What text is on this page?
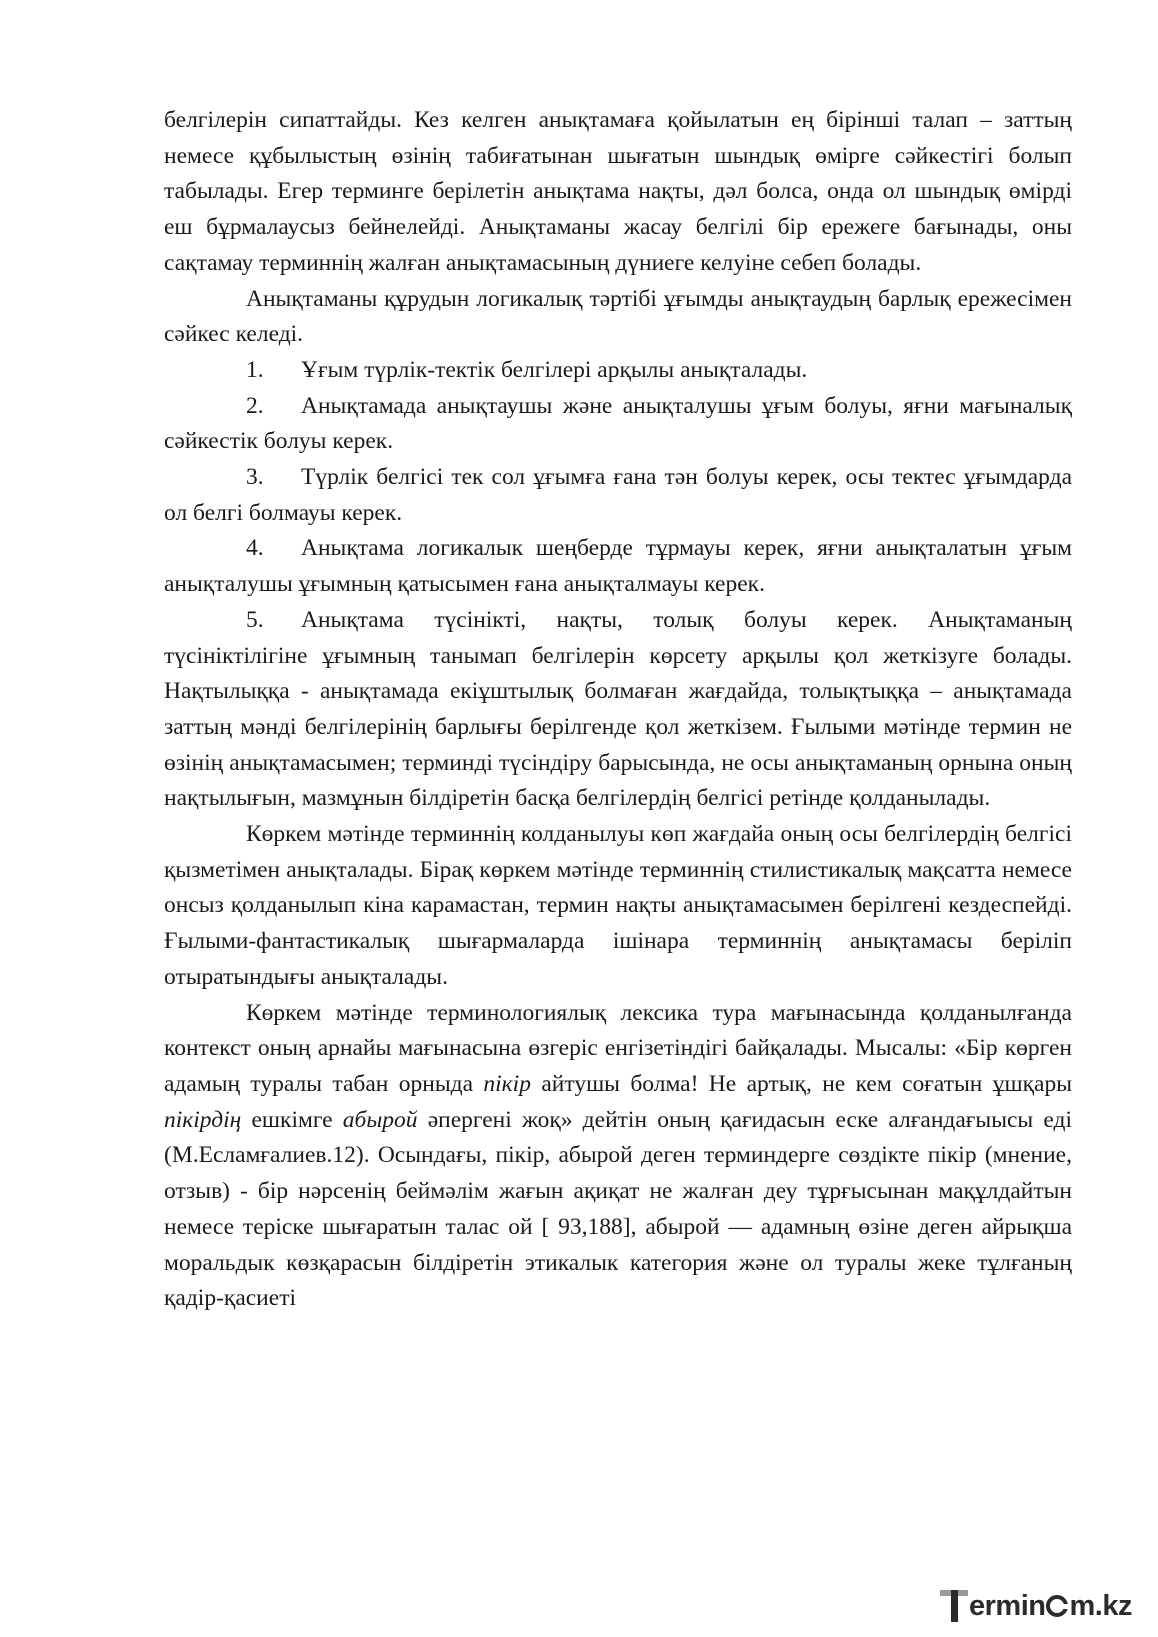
белгілерін сипаттайды. Кез келген анықтамаға қойылатын ең бірінші талап – заттың немесе құбылыстың өзінің табиғатынан шығатын шындық өмірге сәйкестігі болып табылады. Егер терминге берілетін анықтама нақты, дәл болса, онда ол шындық өмірді еш бұрмалаусыз бейнелейді. Анықтаманы жасау белгілі бір ережеге бағынады, оны сақтамау терминнің жалған анықтамасының дүниеге келуіне себеп болады.

Анықтаманы құрудын логикалық тәртібі ұғымды анықтаудың барлық ережесімен сәйкес келеді.

1. Ұғым түрлік-тектік белгілері арқылы анықталады.

2. Анықтамада анықтаушы және анықталушы ұғым болуы, яғни мағыналық сәйкестік болуы керек.

3. Түрлік белгісі тек сол ұғымға ғана тән болуы керек, осы тектес ұғымдарда ол белгі болмауы керек.

4. Анықтама логикалык шеңберде тұрмауы керек, яғни анықталатын ұғым анықталушы ұғымның қатысымен ғана анықталмауы керек.

5. Анықтама түсінікті, нақты, толық болуы керек. Анықтаманың түсініктілігіне ұғымның танымап белгілерін көрсету арқылы қол жеткізуге болады. Нақтылыққа - анықтамада екіұштылық болмаған жағдайда, толықтыққа – анықтамада заттың мәнді белгілерінің барлығы берілгенде қол жеткізем. Ғылыми мәтінде термин не өзінің анықтамасымен; терминді түсіндіру барысында, не осы анықтаманың орнына оның нақтылығын, мазмұнын білдіретін басқа белгілердің белгісі ретінде қолданылады.

Көркем мәтінде терминнің колданылуы көп жағдайа оның осы белгілердің белгісі қызметімен анықталады. Бірақ көркем мәтінде терминнің стилистикалық мақсатта немесе онсыз қолданылып кіна карамастан, термин нақты анықтамасымен берілгені кездеспейді. Ғылыми-фантастикалық шығармаларда ішінара терминнің анықтамасы беріліп отыратындығы анықталады.

Көркем мәтінде терминологиялық лексика тура мағынасында қолданылғанда контекст оның арнайы мағынасына өзгеріс енгізетіндігі байқалады. Мысалы: «Бір көрген адамың туралы табан орныда пікір айтушы болма! Не артық, не кем соғатын ұшқары пікірдің ешкімге абырой әпергені жоқ» дейтін оның қағидасын еске алғандағыысы еді (М.Есламғалиев.12). Осындағы, пікір, абырой деген терминдерге сөздікте пікір (мнение, отзыв) - бір нәрсенің беймәлім жағын ақиқат не жалған деу тұрғысынан мақұлдайтын немесе теріске шығаратын талас ой [ 93,188], абырой — адамның өзіне деген айрықша моральдык көзқарасын білдіретін этикалык категория және ол туралы жеке тұлғаның қадір-қасиеті

ermin m.kz
